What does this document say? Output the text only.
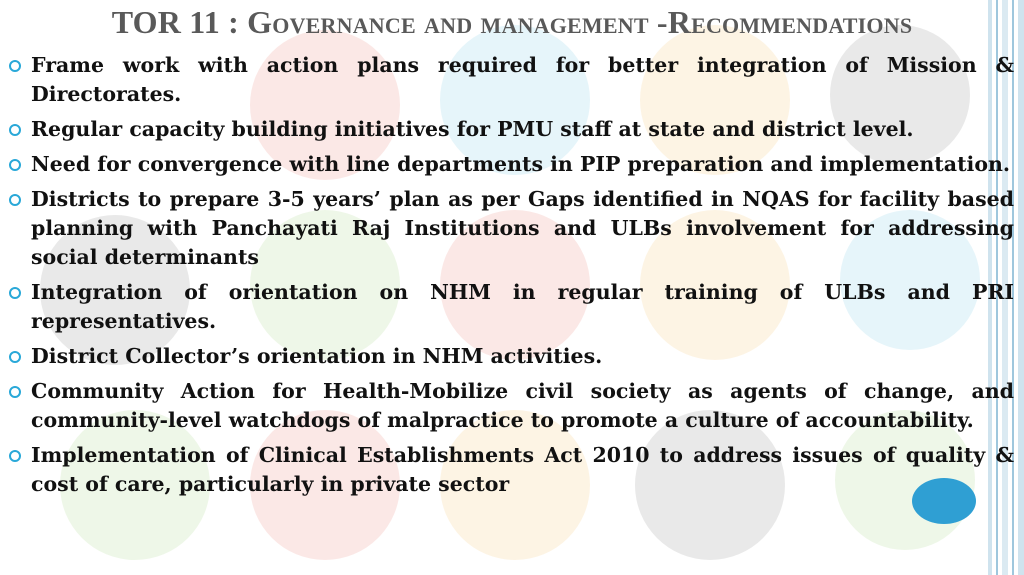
TOR 11 : Governance and management -Recommendations
Frame work with action plans required for better integration of Mission & Directorates.
Regular capacity building initiatives for PMU staff at state and district level.
Need for convergence with line departments in PIP preparation and implementation.
Districts to prepare 3-5 years’ plan as per Gaps identified in NQAS for facility based planning with Panchayati Raj Institutions and ULBs involvement for addressing social determinants
Integration of orientation on NHM in regular training of ULBs and PRI representatives.
District Collector’s orientation in NHM activities.
Community Action for Health-Mobilize civil society as agents of change, and community-level watchdogs of malpractice to promote a culture of accountability.
Implementation of Clinical Establishments Act 2010 to address issues of quality & cost of care, particularly in private sector
